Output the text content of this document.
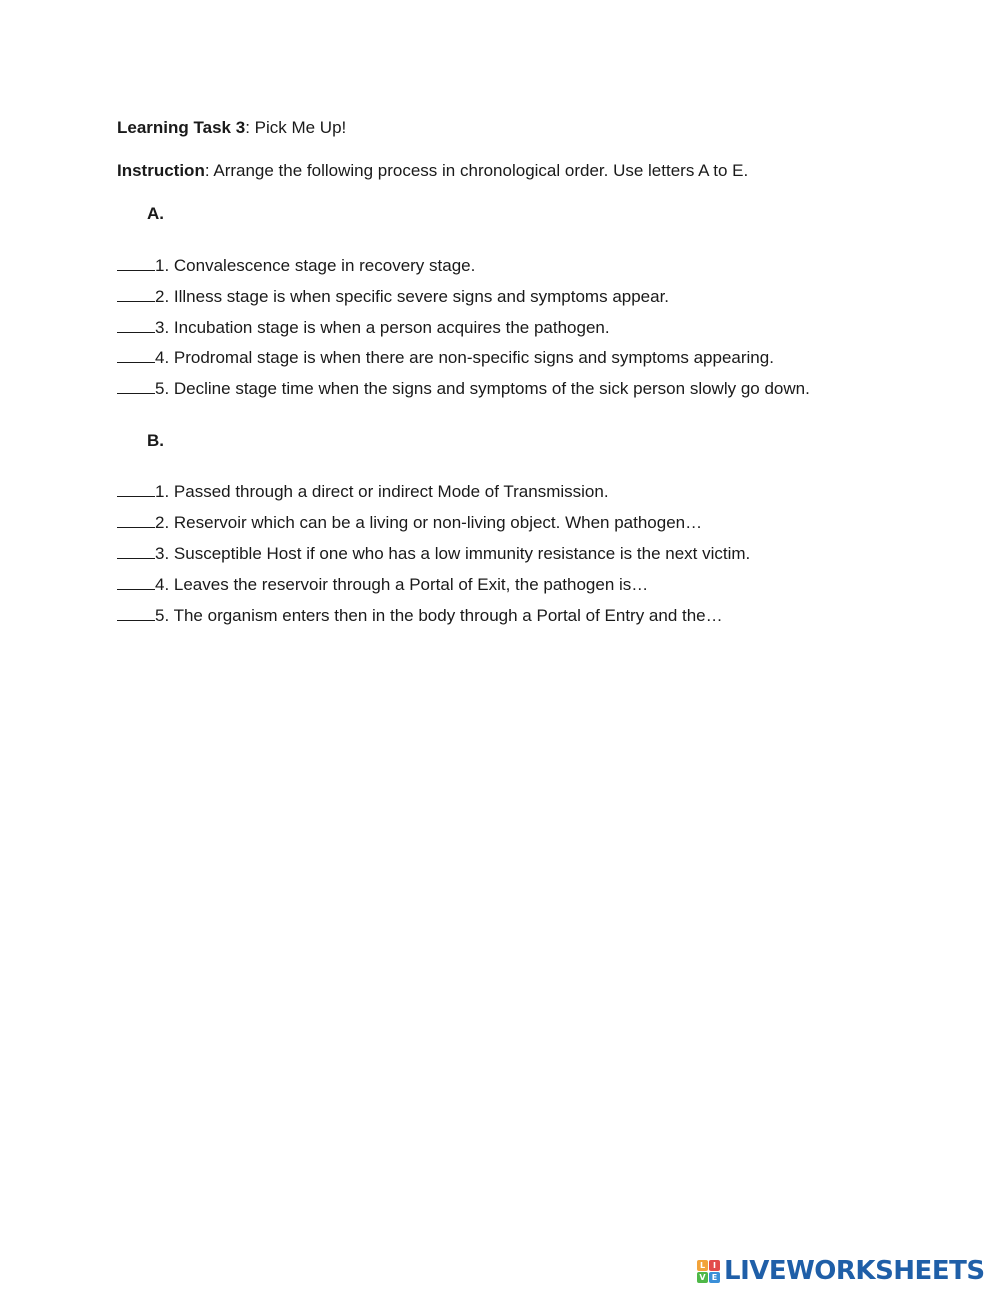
Learning Task 3: Pick Me Up!
Instruction: Arrange the following process in chronological order. Use letters A to E.
A.
1. Convalescence stage in recovery stage.
2. Illness stage is when specific severe signs and symptoms appear.
3. Incubation stage is when a person acquires the pathogen.
4. Prodromal stage is when there are non-specific signs and symptoms appearing.
5. Decline stage time when the signs and symptoms of the sick person slowly go down.
B.
1. Passed through a direct or indirect Mode of Transmission.
2. Reservoir which can be a living or non-living object. When pathogen…
3. Susceptible Host if one who has a low immunity resistance is the next victim.
4. Leaves the reservoir through a Portal of Exit, the pathogen is…
5. The organism enters then in the body through a Portal of Entry and the…
L I
V E LIVEWORKSHEETS
